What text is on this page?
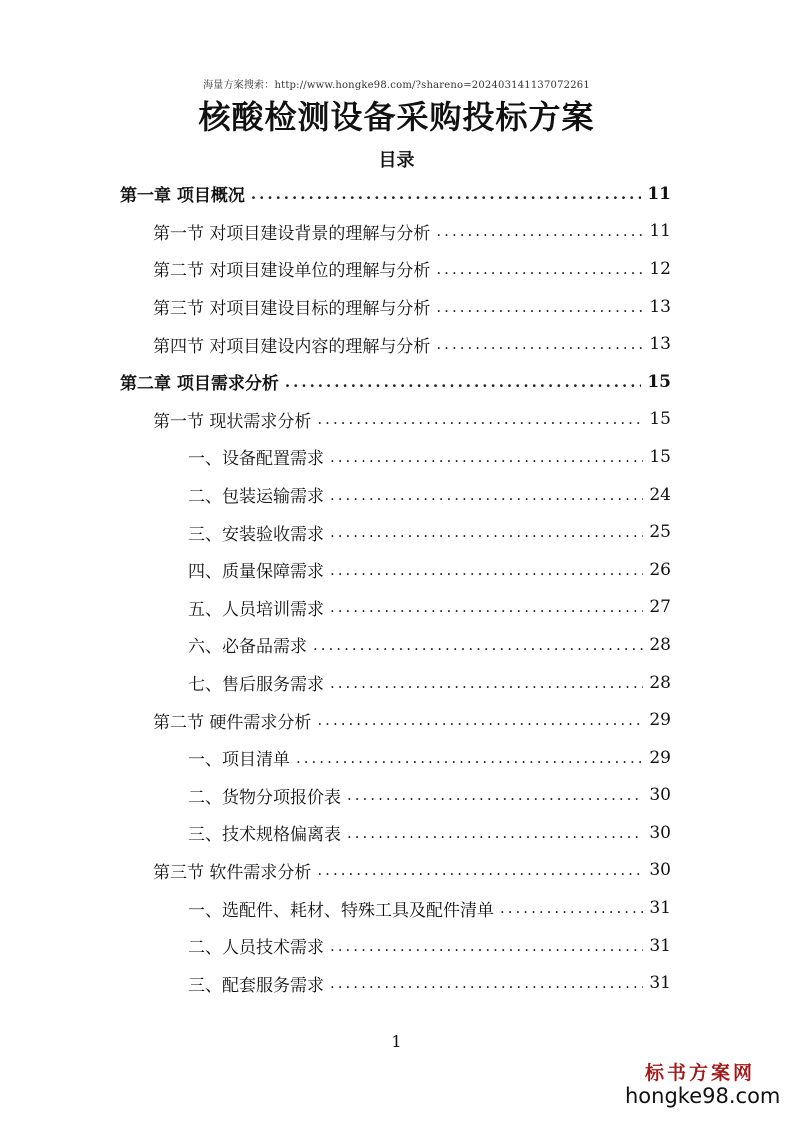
海量方案搜索：http://www.hongke98.com/?shareno=202403141137072261
核酸检测设备采购投标方案
目录
第一章 项目概况 .....	11
第一节 对项目建设背景的理解与分析 .....	11
第二节 对项目建设单位的理解与分析 .....	12
第三节 对项目建设目标的理解与分析 .....	13
第四节 对项目建设内容的理解与分析 .....	13
第二章 项目需求分析 .....	15
第一节 现状需求分析 .....	15
一、设备配置需求 .....	15
二、包装运输需求 .....	24
三、安装验收需求 .....	25
四、质量保障需求 .....	26
五、人员培训需求 .....	27
六、必备品需求 .....	28
七、售后服务需求 .....	28
第二节 硬件需求分析 .....	29
一、项目清单 .....	29
二、货物分项报价表 .....	30
三、技术规格偏离表 .....	30
第三节 软件需求分析 .....	30
一、选配件、耗材、特殊工具及配件清单 .....	31
二、人员技术需求 .....	31
三、配套服务需求 .....	31
1
标书方案网
hongke98.com
